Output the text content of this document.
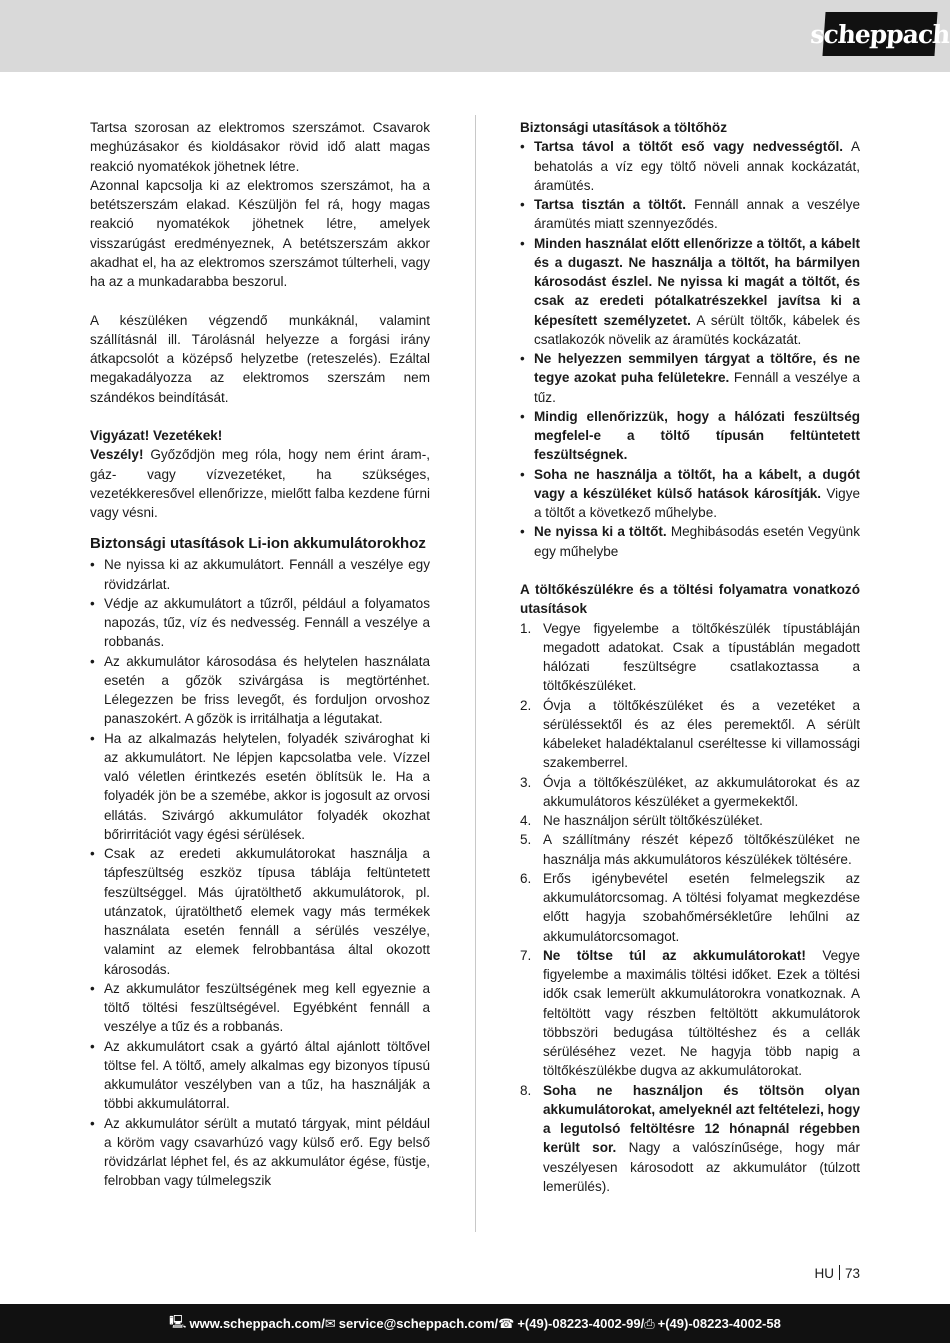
scheppach

Tartsa szorosan az elektromos szerszámot. Csavarok meghúzásakor és kioldásakor rövid idő alatt magas reakció nyomatékok jöhetnek létre.

Azonnal kapcsolja ki az elektromos szerszámot, ha a betétszerszám elakad. Készüljön fel rá, hogy magas reakció nyomatékok jöhetnek létre, amelyek visszarúgást eredményeznek, A betétszerszám akkor akadhat el, ha az elektromos szerszámot túlterheli, vagy ha az a munkadarabba beszorul.

A készüléken végzendő munkáknál, valamint szállításnál ill. Tárolásnál helyezze a forgási irány átkapcsolót a középső helyzetbe (reteszelés). Ezáltal megakadályozza az elektromos szerszám nem szándékos beindítását.

Vigyázat! Vezetékek!

Veszély! Győződjön meg róla, hogy nem érint áram-, gáz- vagy vízvezetéket, ha szükséges, vezetékkeresővel ellenőrizze, mielőtt falba kezdene fúrni vagy vésni.

Biztonsági utasítások Li-ion akkumulátorokhoz

• Ne nyissa ki az akkumulátort. Fennáll a veszélye egy rövidzárlat.

• Védje az akkumulátort a tűzről, például a folyamatos napozás, tűz, víz és nedvesség. Fennáll a veszélye a robbanás.

• Az akkumulátor károsodása és helytelen használata esetén a gőzök szivárgása is megtörténhet. Lélegezzen be friss levegőt, és forduljon orvoshoz panaszokért. A gőzök is irritálhatja a légutakat.

• Ha az alkalmazás helytelen, folyadék szivároghat ki az akkumulátort. Ne lépjen kapcsolatba vele. Vízzel való véletlen érintkezés esetén öblítsük le. Ha a folyadék jön be a szemébe, akkor is jogosult az orvosi ellátás. Szivárgó akkumulátor folyadék okozhat bőrirritációt vagy égési sérülések.

• Csak az eredeti akkumulátorokat használja a tápfeszültség eszköz típusa táblája feltüntetett feszültséggel. Más újratölthető akkumulátorok, pl. utánzatok, újratölthető elemek vagy más termékek használata esetén fennáll a sérülés veszélye, valamint az elemek felrobbantása által okozott károsodás.

• Az akkumulátor feszültségének meg kell egyeznie a töltő töltési feszültségével. Egyébként fennáll a veszélye a tűz és a robbanás.

• Az akkumulátort csak a gyártó által ajánlott töltővel töltse fel. A töltő, amely alkalmas egy bizonyos típusú akkumulátor veszélyben van a tűz, ha használják a többi akkumulátorral.

• Az akkumulátor sérült a mutató tárgyak, mint például a köröm vagy csavarhúzó vagy külső erő. Egy belső rövidzárlat léphet fel, és az akkumulátor égése, füstje, felrobban vagy túlmelegszik

Biztonsági utasítások a töltőhöz

• Tartsa távol a töltőt eső vagy nedvességtől. A behatolás a víz egy töltő növeli annak kockázatát, áramütés.

• Tartsa tisztán a töltőt. Fennáll annak a veszélye áramütés miatt szennyeződés.

• Minden használat előtt ellenőrizze a töltőt, a kábelt és a dugaszt. Ne használja a töltőt, ha bármilyen károsodást észlel. Ne nyissa ki magát a töltőt, és csak az eredeti pótalkatrészekkel javítsa ki a képesített személyzetet. A sérült töltők, kábelek és csatlakozók növelik az áramütés kockázatát.

• Ne helyezzen semmilyen tárgyat a töltőre, és ne tegye azokat puha felületekre. Fennáll a veszélye a tűz.

• Mindig ellenőrizzük, hogy a hálózati feszültség megfelel-e a töltő típusán feltüntetett feszültségnek.

• Soha ne használja a töltőt, ha a kábelt, a dugót vagy a készüléket külső hatások károsítják. Vigye a töltőt a következő műhelybe.

• Ne nyissa ki a töltőt. Meghibásodás esetén Vegyünk egy műhelybe

A töltőkészülékre és a töltési folyamatra vonatkozó utasítások

1. Vegye figyelembe a töltőkészülék típustábláján megadott adatokat. Csak a típustáblán megadott hálózati feszültségre csatlakoztassa a töltőkészüléket.

2. Óvja a töltőkészüléket és a vezetéket a sérüléssektől és az éles peremektől. A sérült kábeleket haladéktalanul cseréltesse ki villamossági szakemberrel.

3. Óvja a töltőkészüléket, az akkumulátorokat és az akkumulátoros készüléket a gyermekektől.

4. Ne használjon sérült töltőkészüléket.

5. A szállítmány részét képező töltőkészüléket ne használja más akkumulátoros készülékek töltésére.

6. Erős igénybevétel esetén felmelegszik az akkumulátorcsomag. A töltési folyamat megkezdése előtt hagyja szobahőmérsékletűre lehűlni az akkumulátorcsomagot.

7. Ne töltse túl az akkumulátorokat! Vegye figyelembe a maximális töltési időket. Ezek a töltési idők csak lemerült akkumulátorokra vonatkoznak. A feltöltött vagy részben feltöltött akkumulátorok többszöri bedugása túltöltéshez és a cellák sérüléséhez vezet. Ne hagyja több napig a töltőkészülékbe dugva az akkumulátorokat.

8. Soha ne használjon és töltsön olyan akkumulátorokat, amelyeknél azt feltételezi, hogy a legutolsó feltöltésre 12 hónapnál régebben került sor. Nagy a valószínűsége, hogy már veszélyesen károsodott az akkumulátor (túlzott lemerülés).

HU 73
🖳 www.scheppach.com / ✉ service@scheppach.com / ☎ +(49)-08223-4002-99 / ⎙ +(49)-08223-4002-58
